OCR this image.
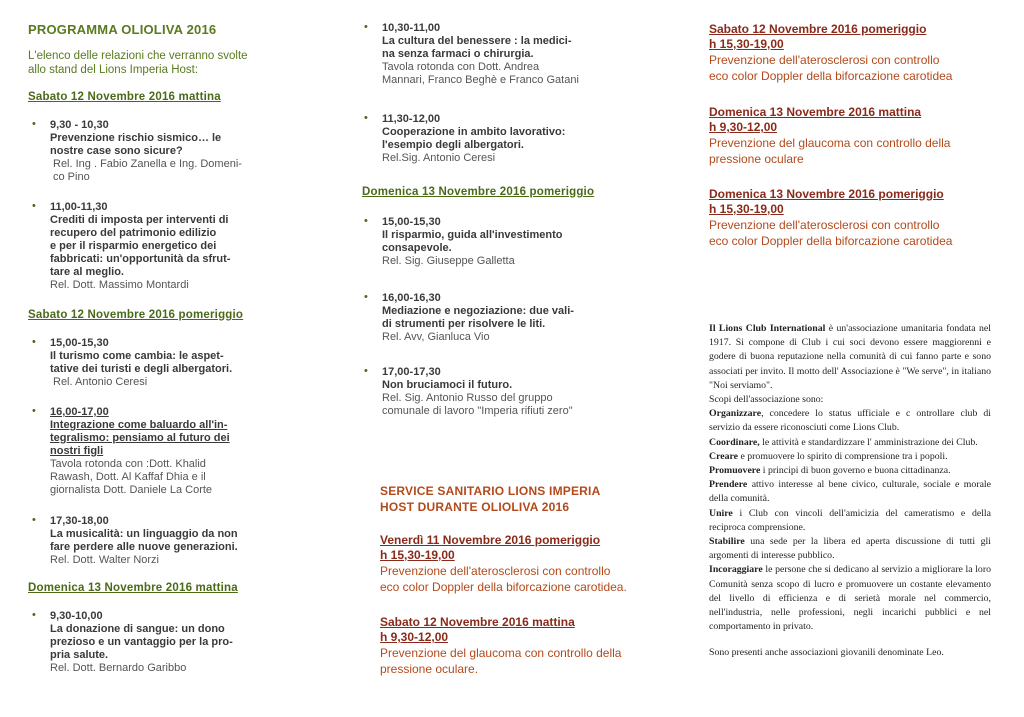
PROGRAMMA OLIOLIVA 2016
L'elenco delle relazioni che verranno svolte
allo stand del Lions Imperia Host:
Sabato 12 Novembre 2016 mattina
• 9,30 - 10,30
Prevenzione rischio sismico… le
nostre case sono sicure?
Rel. Ing . Fabio Zanella e Ing. Domeni-
co Pino
• 11,00-11,30
Crediti di imposta per interventi di
recupero del patrimonio edilizio
e per il risparmio energetico dei
fabbricati: un'opportunità da sfrut-
tare al meglio.
Rel. Dott. Massimo Montardi
Sabato 12 Novembre 2016 pomeriggio
• 15,00-15,30
Il turismo come cambia: le aspet-
tative dei turisti e degli albergatori.
Rel. Antonio Ceresi
• 16,00-17,00
Integrazione come baluardo all'in-
tegralismo: pensiamo al futuro dei
nostri figli
Tavola rotonda con :Dott. Khalid
Rawash, Dott. Al Kaffaf Dhia e il
giornalista Dott. Daniele La Corte
• 17,30-18,00
La musicalità: un linguaggio da non
fare perdere alle nuove generazioni.
Rel. Dott. Walter Norzi
Domenica 13 Novembre 2016 mattina
• 9,30-10,00
La donazione di sangue: un dono
prezioso e un vantaggio per la pro-
pria salute.
Rel. Dott. Bernardo Garibbo
• 10,30-11,00
La cultura del benessere : la medici-
na senza farmaci o chirurgia.
Tavola rotonda con Dott. Andrea
Mannari, Franco Beghè e Franco Gatani
• 11,30-12,00
Cooperazione in ambito lavorativo:
l'esempio degli albergatori.
Rel.Sig. Antonio Ceresi
Domenica 13 Novembre 2016 pomeriggio
• 15,00-15,30
Il risparmio, guida all'investimento
consapevole.
Rel. Sig. Giuseppe Galletta
• 16,00-16,30
Mediazione e negoziazione: due vali-
di strumenti per risolvere le liti.
Rel. Avv, Gianluca Vio
• 17,00-17,30
Non bruciamoci il futuro.
Rel. Sig. Antonio Russo del gruppo
comunale di lavoro "Imperia rifiuti zero"
SERVICE SANITARIO LIONS IMPERIA
HOST DURANTE OLIOLIVA 2016
Venerdì 11 Novembre 2016 pomeriggio
h 15,30-19,00
Prevenzione dell'aterosclerosi con controllo
eco color Doppler della biforcazione carotidea.
Sabato 12 Novembre 2016 mattina
h 9,30-12,00
Prevenzione del glaucoma con controllo della
pressione oculare.
Sabato 12 Novembre 2016 pomeriggio
h 15,30-19,00
Prevenzione dell'aterosclerosi con controllo
eco color Doppler della biforcazione carotidea
Domenica 13 Novembre 2016 mattina
h 9,30-12,00
Prevenzione del glaucoma con controllo della
pressione oculare
Domenica 13 Novembre 2016 pomeriggio
h 15,30-19,00
Prevenzione dell'aterosclerosi con controllo
eco color Doppler della biforcazione carotidea

Il Lions Club International è un'associazione umanitaria fondata nel 1917. Si compone di Club i cui soci devono essere maggiorenni e godere di buona reputazione nella comunità di cui fanno parte e sono associati per invito. Il motto dell' Associazione è "We serve", in italiano "Noi serviamo".

Scopi dell'associazione sono:

Organizzare, concedere lo status ufficiale e c ontrollare club di servizio da essere riconosciuti come Lions Club.

Coordinare, le attività e standardizzare l' amministrazione dei Club.

Creare e promuovere lo spirito di comprensione tra i popoli.

Promuovere i principi di buon governo e buona cittadinanza.

Prendere attivo interesse al bene civico, culturale, sociale e morale della comunità.

Unire i Club con vincoli dell'amicizia del cameratismo e della reciproca comprensione.

Stabilire una sede per la libera ed aperta discussione di tutti gli argomenti di interesse pubblico.

Incoraggiare le persone che si dedicano al servizio a migliorare la loro Comunità senza scopo di lucro e promuovere un costante elevamento del livello di efficienza e di serietà morale nel commercio, nell'industria, nelle professioni, negli incarichi pubblici e nel comportamento in privato.

Sono presenti anche associazioni giovanili denominate Leo.
